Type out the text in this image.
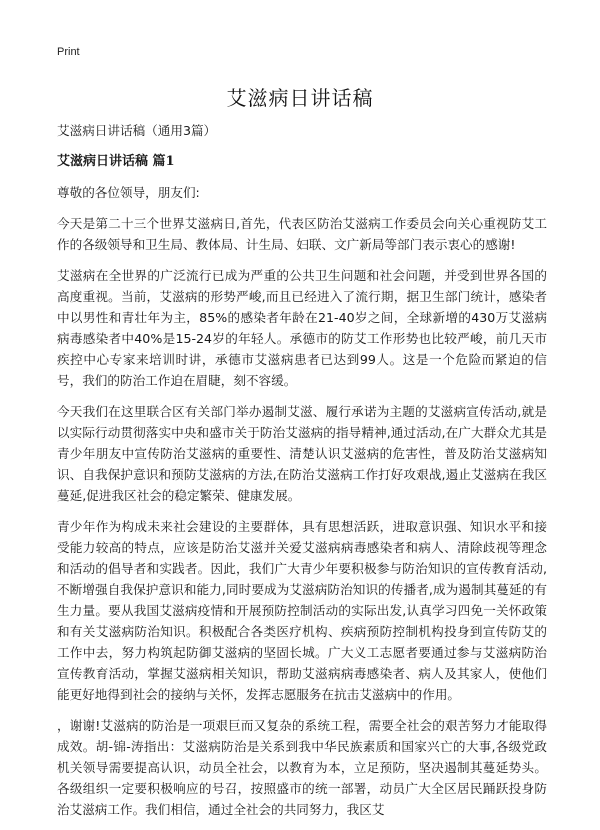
Print
艾滋病日讲话稿

艾滋病日讲话稿（通用3篇）

艾滋病日讲话稿 篇1

尊敬的各位领导，朋友们:

今天是第二十三个世界艾滋病日,首先，代表区防治艾滋病工作委员会向关心重视防艾工作的各级领导和卫生局、教体局、计生局、妇联、文广新局等部门表示衷心的感谢!

艾滋病在全世界的广泛流行已成为严重的公共卫生问题和社会问题，并受到世界各国的高度重视。当前，艾滋病的形势严峻,而且已经进入了流行期，据卫生部门统计，感染者中以男性和青壮年为主，85%的感染者年龄在21-40岁之间，全球新增的430万艾滋病病毒感染者中40%是15-24岁的年轻人。承德市的防艾工作形势也比较严峻，前几天市疾控中心专家来培训时讲，承德市艾滋病患者已达到99人。这是一个危险而紧迫的信号，我们的防治工作迫在眉睫，刻不容缓。

今天我们在这里联合区有关部门举办遏制艾滋、履行承诺为主题的艾滋病宣传活动,就是以实际行动贯彻落实中央和盛市关于防治艾滋病的指导精神,通过活动,在广大群众尤其是青少年朋友中宣传防治艾滋病的重要性、清楚认识艾滋病的危害性，普及防治艾滋病知识、自我保护意识和预防艾滋病的方法,在防治艾滋病工作打好攻艰战,遏止艾滋病在我区蔓延,促进我区社会的稳定繁荣、健康发展。

青少年作为构成未来社会建设的主要群体，具有思想活跃，进取意识强、知识水平和接受能力较高的特点，应该是防治艾滋并关爱艾滋病病毒感染者和病人、清除歧视等理念和活动的倡导者和实践者。因此，我们广大青少年要积极参与防治知识的宣传教育活动,不断增强自我保护意识和能力,同时要成为艾滋病防治知识的传播者,成为遏制其蔓延的有生力量。要从我国艾滋病疫情和开展预防控制活动的实际出发,认真学习四免一关怀政策和有关艾滋病防治知识。积极配合各类医疗机构、疾病预防控制机构投身到宣传防艾的工作中去，努力构筑起防御艾滋病的坚固长城。广大义工志愿者要通过参与艾滋病防治宣传教育活动，掌握艾滋病相关知识，帮助艾滋病病毒感染者、病人及其家人，使他们能更好地得到社会的接纳与关怀，发挥志愿服务在抗击艾滋病中的作用。

，谢谢!艾滋病的防治是一项艰巨而又复杂的系统工程，需要全社会的艰苦努力才能取得成效。胡-锦-涛指出：艾滋病防治是关系到我中华民族素质和国家兴亡的大事,各级党政机关领导需要提高认识，动员全社会，以教育为本，立足预防，坚决遏制其蔓延势头。各级组织一定要积极响应的号召，按照盛市的统一部署，动员广大全区居民踊跃投身防治艾滋病工作。我们相信，通过全社会的共同努力，我区艾
